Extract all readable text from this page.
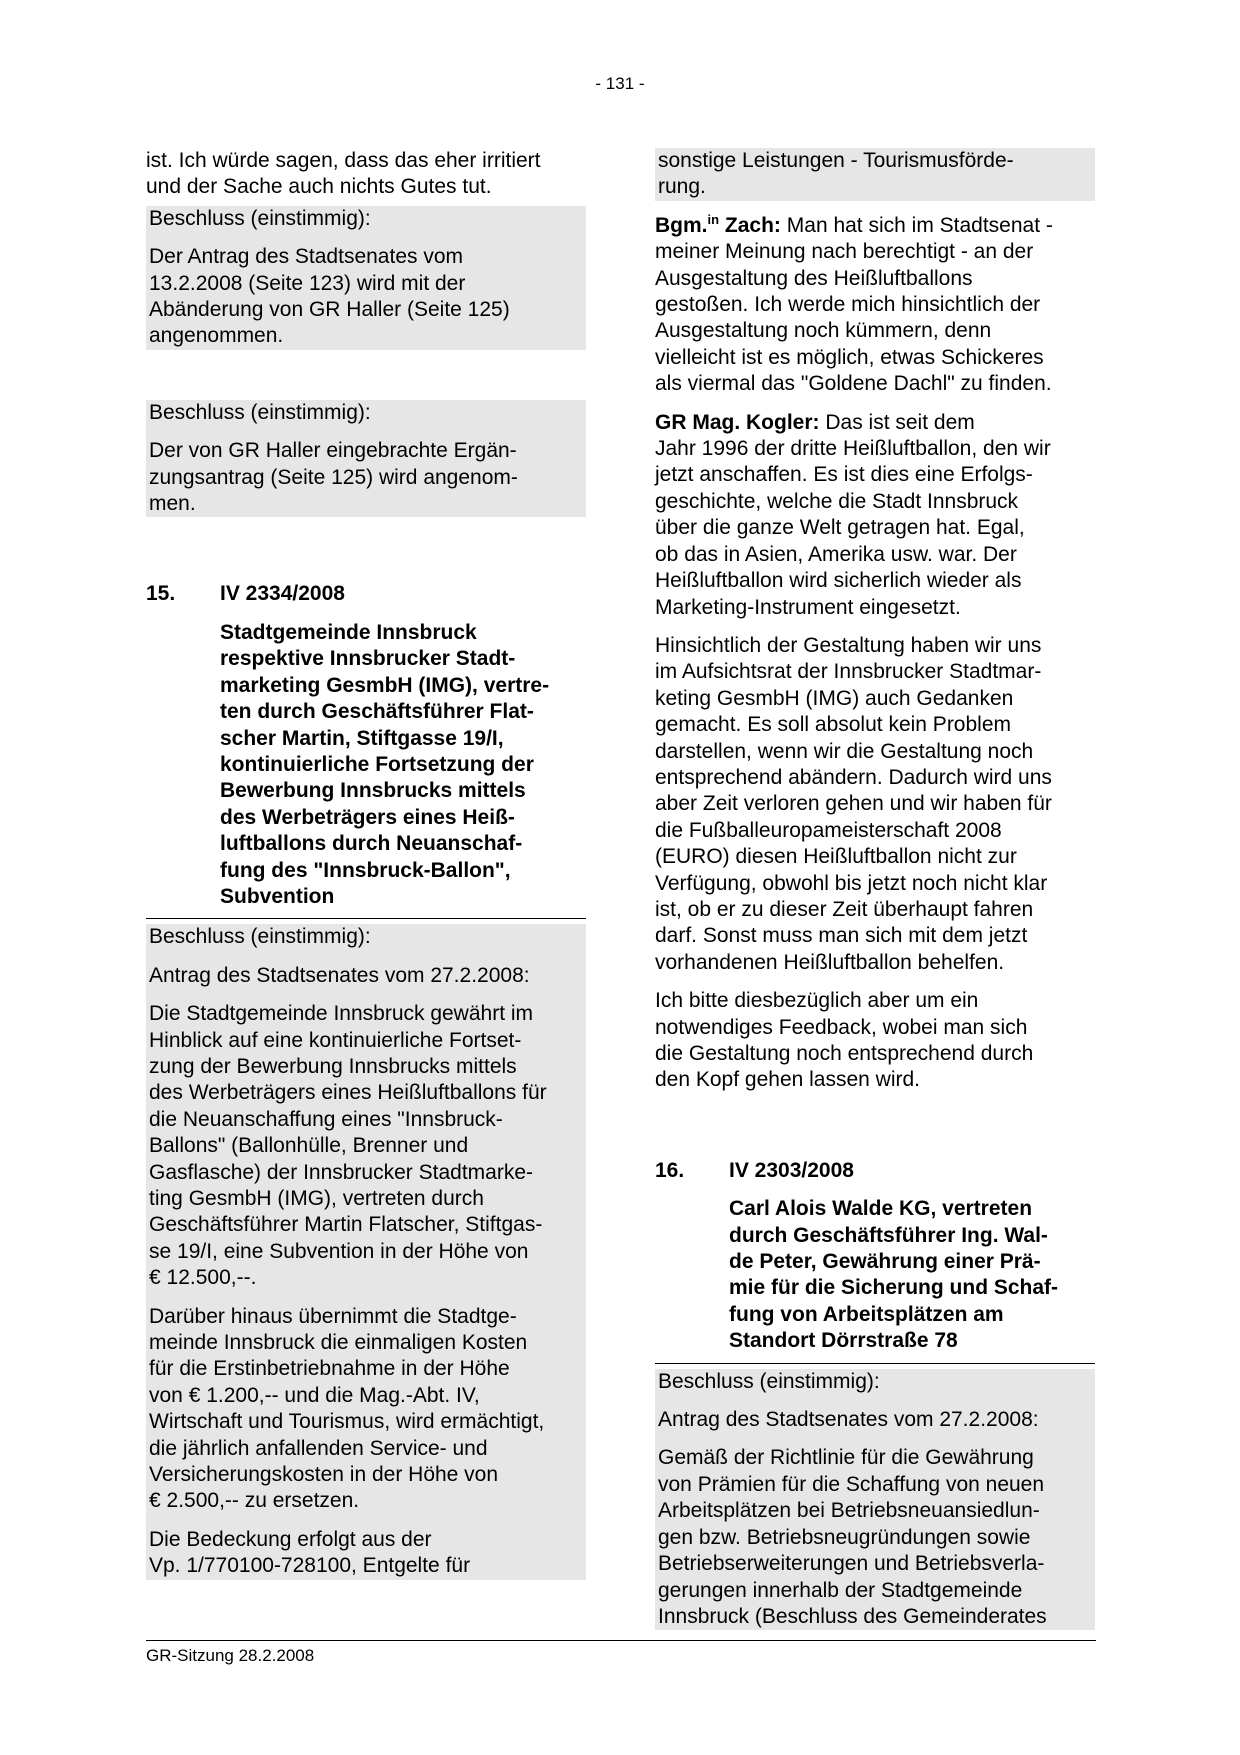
- 131 -

ist. Ich würde sagen, dass das eher irritiert
und der Sache auch nichts Gutes tut.

Beschluss (einstimmig):

Der Antrag des Stadtsenates vom
13.2.2008 (Seite 123) wird mit der
Abänderung von GR Haller (Seite 125)
angenommen.

Beschluss (einstimmig):

Der von GR Haller eingebrachte Ergän-
zungsantrag (Seite 125) wird angenom-
men.

15.	IV 2334/2008

Stadtgemeinde Innsbruck
respektive Innsbrucker Stadt-
marketing GesmbH (IMG), vertre-
ten durch Geschäftsführer Flat-
scher Martin, Stiftgasse 19/I,
kontinuierliche Fortsetzung der
Bewerbung Innsbrucks mittels
des Werbeträgers eines Heiß-
luftballons durch Neuanschaf-
fung des "Innsbruck-Ballon",
Subvention

Beschluss (einstimmig):

Antrag des Stadtsenates vom 27.2.2008:

Die Stadtgemeinde Innsbruck gewährt im
Hinblick auf eine kontinuierliche Fortset-
zung der Bewerbung Innsbrucks mittels
des Werbeträgers eines Heißluftballons für
die Neuanschaffung eines "Innsbruck-
Ballons" (Ballonhülle, Brenner und
Gasflasche) der Innsbrucker Stadtmarke-
ting GesmbH (IMG), vertreten durch
Geschäftsführer Martin Flatscher, Stiftgas-
se 19/I, eine Subvention in der Höhe von
€ 12.500,--.

Darüber hinaus übernimmt die Stadtge-
meinde Innsbruck die einmaligen Kosten
für die Erstinbetriebnahme in der Höhe
von € 1.200,-- und die Mag.-Abt. IV,
Wirtschaft und Tourismus, wird ermächtigt,
die jährlich anfallenden Service- und
Versicherungskosten in der Höhe von
€ 2.500,-- zu ersetzen.

Die Bedeckung erfolgt aus der
Vp. 1/770100-728100, Entgelte für

sonstige Leistungen - Tourismusförde-
rung.

Bgm.$^{in}$ Zach: Man hat sich im Stadtsenat -
meiner Meinung nach berechtigt - an der
Ausgestaltung des Heißluftballons
gestoßen. Ich werde mich hinsichtlich der
Ausgestaltung noch kümmern, denn
vielleicht ist es möglich, etwas Schickeres
als viermal das "Goldene Dachl" zu finden.

GR Mag. Kogler: Das ist seit dem
Jahr 1996 der dritte Heißluftballon, den wir
jetzt anschaffen. Es ist dies eine Erfolgs-
geschichte, welche die Stadt Innsbruck
über die ganze Welt getragen hat. Egal,
ob das in Asien, Amerika usw. war. Der
Heißluftballon wird sicherlich wieder als
Marketing-Instrument eingesetzt.

Hinsichtlich der Gestaltung haben wir uns
im Aufsichtsrat der Innsbrucker Stadtmar-
keting GesmbH (IMG) auch Gedanken
gemacht. Es soll absolut kein Problem
darstellen, wenn wir die Gestaltung noch
entsprechend abändern. Dadurch wird uns
aber Zeit verloren gehen und wir haben für
die Fußballeuropameisterschaft 2008
(EURO) diesen Heißluftballon nicht zur
Verfügung, obwohl bis jetzt noch nicht klar
ist, ob er zu dieser Zeit überhaupt fahren
darf. Sonst muss man sich mit dem jetzt
vorhandenen Heißluftballon behelfen.

Ich bitte diesbezüglich aber um ein
notwendiges Feedback, wobei man sich
die Gestaltung noch entsprechend durch
den Kopf gehen lassen wird.

16.	IV 2303/2008

Carl Alois Walde KG, vertreten
durch Geschäftsführer Ing. Wal-
de Peter, Gewährung einer Prä-
mie für die Sicherung und Schaf-
fung von Arbeitsplätzen am
Standort Dörrstraße 78

Beschluss (einstimmig):

Antrag des Stadtsenates vom 27.2.2008:

Gemäß der Richtlinie für die Gewährung
von Prämien für die Schaffung von neuen
Arbeitsplätzen bei Betriebsneuansiedlun-
gen bzw. Betriebsneugründungen sowie
Betriebserweiterungen und Betriebsverla-
gerungen innerhalb der Stadtgemeinde
Innsbruck (Beschluss des Gemeinderates

GR-Sitzung 28.2.2008
